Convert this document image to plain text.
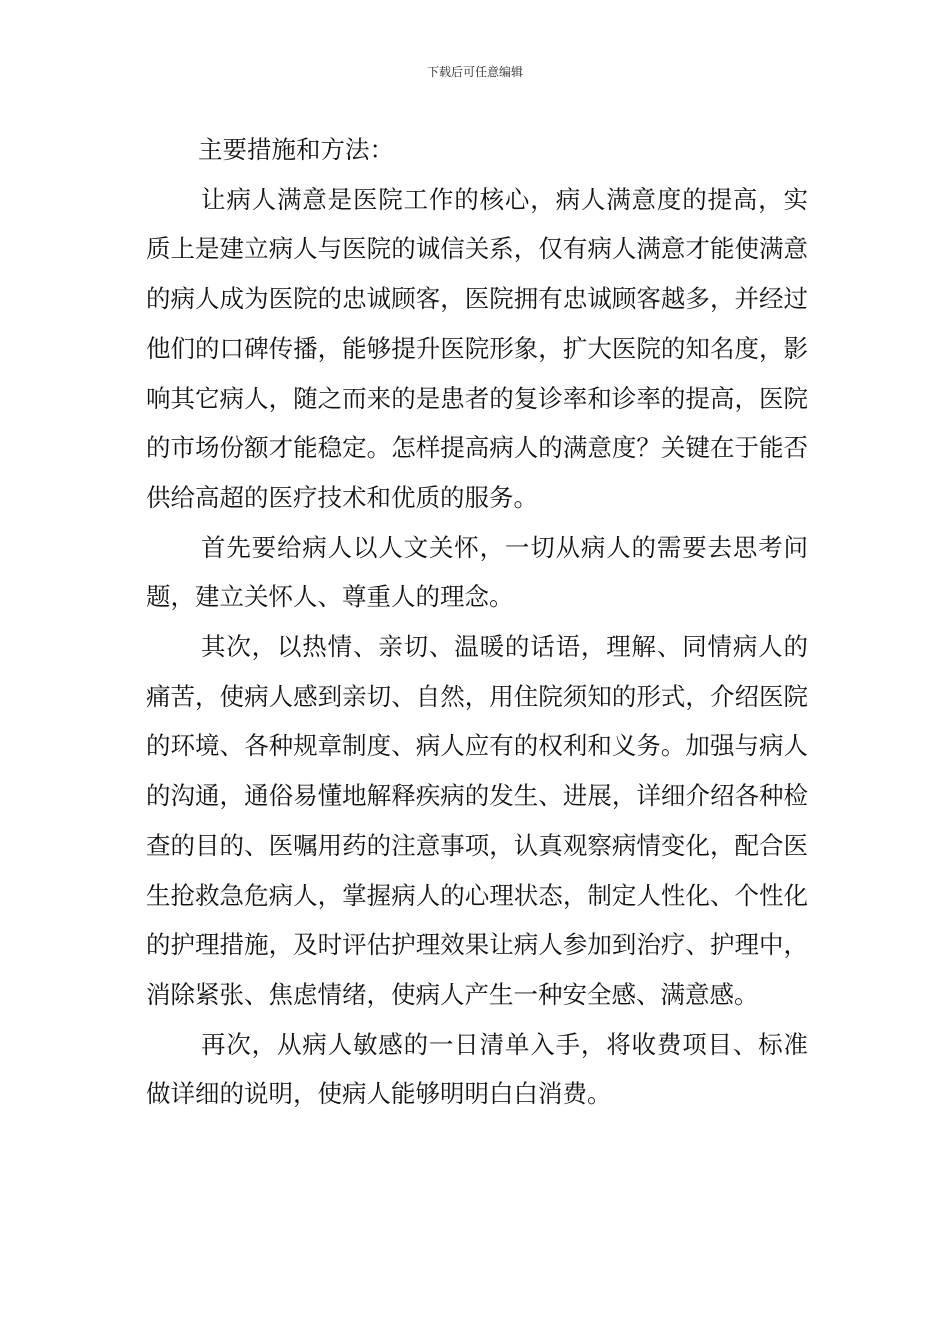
下载后可任意编辑

主要措施和方法：

让病人满意是医院工作的核心，病人满意度的提高，实质上是建立病人与医院的诚信关系，仅有病人满意才能使满意的病人成为医院的忠诚顾客，医院拥有忠诚顾客越多，并经过他们的口碑传播，能够提升医院形象，扩大医院的知名度，影响其它病人，随之而来的是患者的复诊率和诊率的提高，医院的市场份额才能稳定。怎样提高病人的满意度？关键在于能否供给高超的医疗技术和优质的服务。

首先要给病人以人文关怀，一切从病人的需要去思考问题，建立关怀人、尊重人的理念。

其次，以热情、亲切、温暖的话语，理解、同情病人的痛苦，使病人感到亲切、自然，用住院须知的形式，介绍医院的环境、各种规章制度、病人应有的权利和义务。加强与病人的沟通，通俗易懂地解释疾病的发生、进展，详细介绍各种检查的目的、医嘱用药的注意事项，认真观察病情变化，配合医生抢救急危病人，掌握病人的心理状态，制定人性化、个性化的护理措施，及时评估护理效果让病人参加到治疗、护理中，消除紧张、焦虑情绪，使病人产生一种安全感、满意感。

再次，从病人敏感的一日清单入手，将收费项目、标准做详细的说明，使病人能够明明白白消费。
